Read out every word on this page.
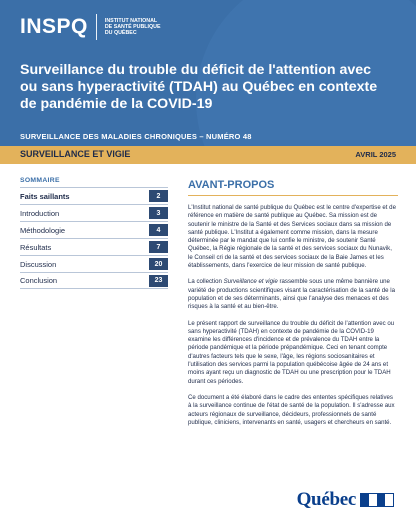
INSPQ	INSTITUT NATIONAL
DE SANTÉ PUBLIQUE
DU QUÉBEC
Surveillance du trouble du déficit de l'attention avec ou sans hyperactivité (TDAH) au Québec en contexte de pandémie de la COVID-19
SURVEILLANCE DES MALADIES CHRONIQUES – NUMÉRO 48
SURVEILLANCE ET VIGIE	AVRIL 2025
SOMMAIRE
Faits saillants	2
Introduction	3
Méthodologie	4
Résultats	7
Discussion	20
Conclusion	23
AVANT-PROPOS

L'Institut national de santé publique du Québec est le centre d'expertise et de référence en matière de santé publique au Québec. Sa mission est de soutenir le ministre de la Santé et des Services sociaux dans sa mission de santé publique. L'Institut a également comme mission, dans la mesure déterminée par le mandat que lui confie le ministre, de soutenir Santé Québec, la Régie régionale de la santé et des services sociaux du Nunavik, le Conseil cri de la santé et des services sociaux de la Baie James et les établissements, dans l'exercice de leur mission de santé publique.

La collection Surveillance et vigie rassemble sous une même bannière une variété de productions scientifiques visant la caractérisation de la santé de la population et de ses déterminants, ainsi que l'analyse des menaces et des risques à la santé et au bien-être.

Le présent rapport de surveillance du trouble du déficit de l'attention avec ou sans hyperactivité (TDAH) en contexte de pandémie de la COVID-19 examine les différences d'incidence et de prévalence du TDAH entre la période pandémique et la période prépandémique. Ceci en tenant compte d'autres facteurs tels que le sexe, l'âge, les régions sociosanitaires et l'utilisation des services parmi la population québécoise âgée de 24 ans et moins ayant reçu un diagnostic de TDAH ou une prescription pour le TDAH durant ces périodes.

Ce document a été élaboré dans le cadre des ententes spécifiques relatives à la surveillance continue de l'état de santé de la population. Il s'adresse aux acteurs régionaux de surveillance, décideurs, professionnels de santé publique, cliniciens, intervenants en santé, usagers et chercheurs en santé.

Québec
